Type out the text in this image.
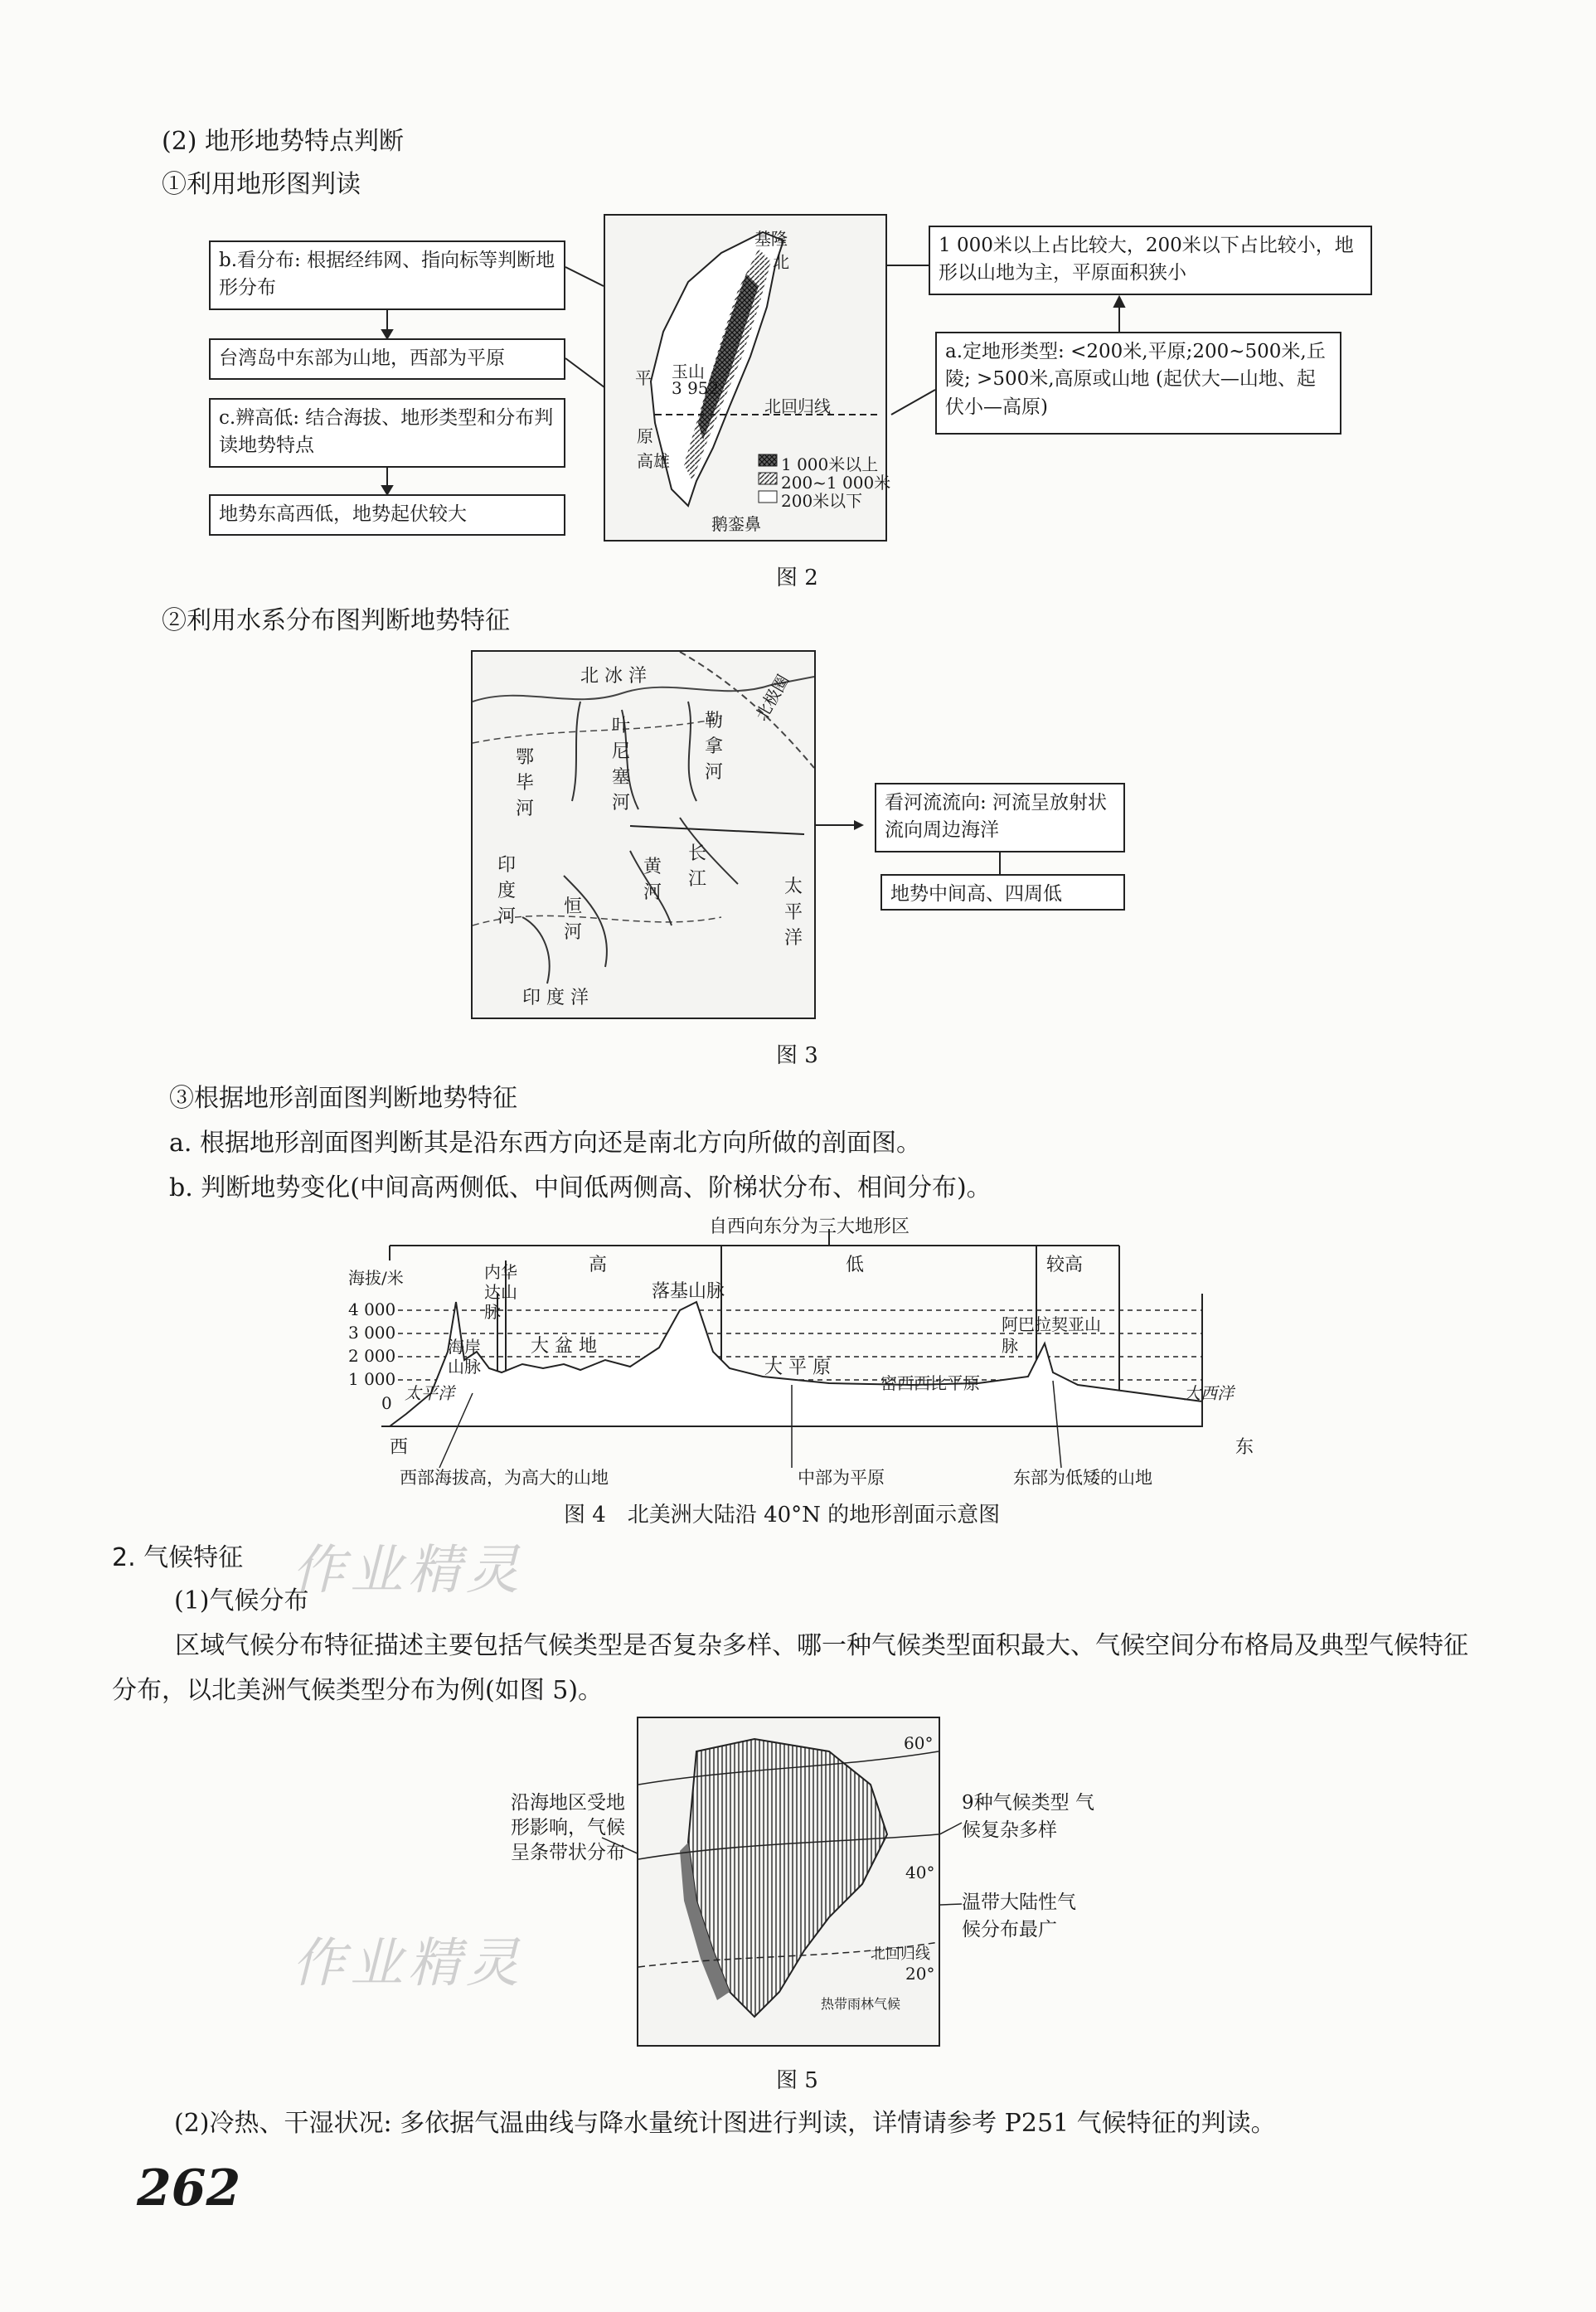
(2) 地形地势特点判断
①利用地形图判读
b.看分布: 根据经纬网、指向标等判断地形分布
台湾岛中东部为山地，西部为平原
c.辨高低: 结合海拔、地形类型和分布判读地势特点
地势东高西低，地势起伏较大
基隆
北
玉山
3 952
北回归线
平
原
高雄
鹅銮鼻
1 000米以上
200~1 000米
200米以下
1 000米以上占比较大，200米以下占比较小，地形以山地为主，平原面积狭小
a.定地形类型: <200米,平原;200~500米,丘陵; >500米,高原或山地 (起伏大—山地、起伏小—高原)
图 2
②利用水系分布图判断地势特征
北 冰 洋	北极圈
鄂毕河
叶尼塞河
勒拿河
印度河	恒河
黄河
长江	太平洋
印 度 洋
看河流流向: 河流呈放射状流向周边海洋
地势中间高、四周低
图 3
③根据地形剖面图判断地势特征
a. 根据地形剖面图判断其是沿东西方向还是南北方向所做的剖面图。
b. 判断地势变化(中间高两侧低、中间低两侧高、阶梯状分布、相间分布)。
自西向东分为三大地形区
高	低	较高
海拔/米
4 000
3 000
2 000
1 000
0
西	东
内华达山脉
落基山脉
海岸山脉
大 盆 地
大 平 原
密西西比平原
阿巴拉契亚山脉
太平洋	大西洋
西部海拔高，为高大的山地	中部为平原	东部为低矮的山地
图 4　北美洲大陆沿 40°N 的地形剖面示意图
2. 气候特征 作业精灵
(1)气候分布
区域气候分布特征描述主要包括气候类型是否复杂多样、哪一种气候类型面积最大、气候空间分布格局及典型气候特征分布，以北美洲气候类型分布为例(如图 5)。
沿海地区受地形影响，气候呈条带状分布
作业精灵
60°
40°
北回归线
20°
热带雨林气候
9种气候类型 气候复杂多样
温带大陆性气候分布最广
图 5
(2)冷热、干湿状况: 多依据气温曲线与降水量统计图进行判读，详情请参考 P251 气候特征的判读。
262
